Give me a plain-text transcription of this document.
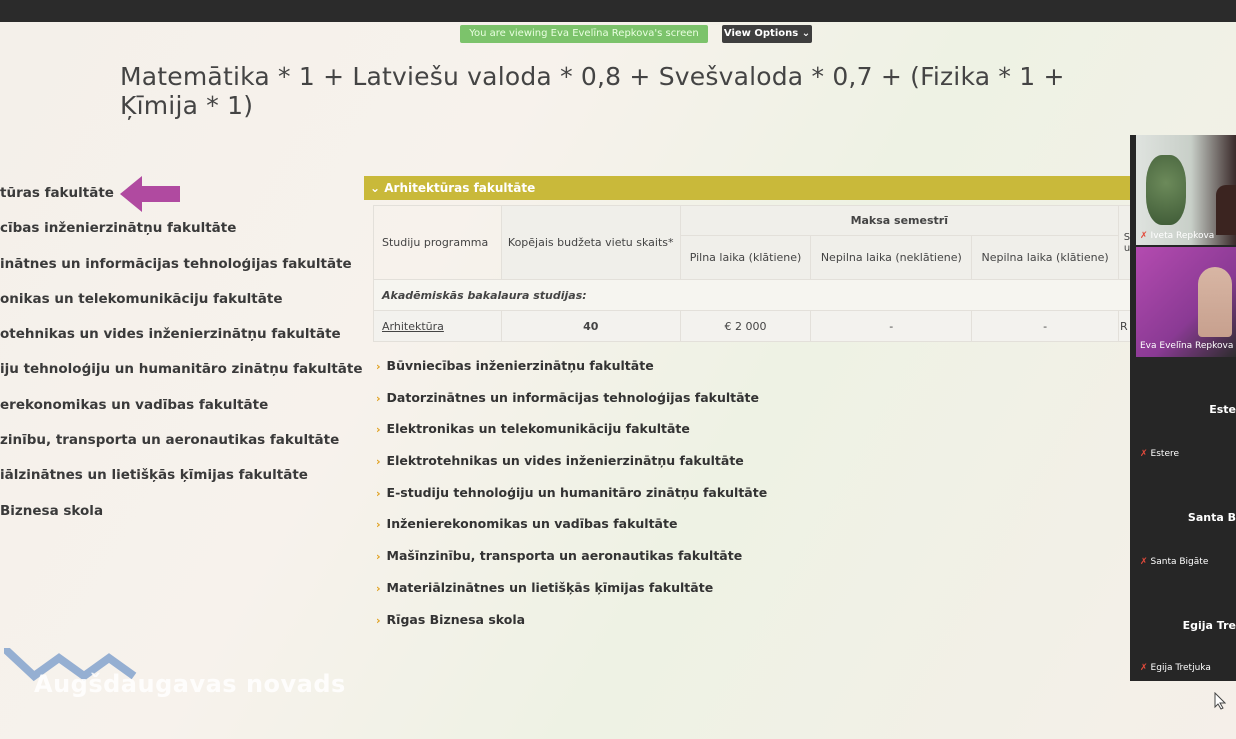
You are viewing Eva Evelīna Repkova's screen	View Options ⌄
Matemātika * 1 + Latviešu valoda * 0,8 + Svešvaloda * 0,7 + (Fizika * 1 + Ķīmija * 1)
tūras fakultāte
cības inženierzinātņu fakultāte
inātnes un informācijas tehnoloģijas fakultāte
onikas un telekomunikāciju fakultāte
otehnikas un vides inženierzinātņu fakultāte
iju tehnoloģiju un humanitāro zinātņu fakultāte
erekonomikas un vadības fakultāte
zinību, transporta un aeronautikas fakultāte
iālzinātnes un lietišķās ķīmijas fakultāte
Biznesa skola
⌄ Arhitektūras fakultāte
Studiju programma	Kopējais budžeta vietu skaits*	Maksa semestrī			S
u
		Pilna laika (klātiene)	Nepilna laika (neklātiene)	Nepilna laika (klātiene)	
Akadēmiskās bakalaura studijas:					
Arhitektūra	40	€ 2 000	-	-	R
› Būvniecības inženierzinātņu fakultāte
› Datorzinātnes un informācijas tehnoloģijas fakultāte
› Elektronikas un telekomunikāciju fakultāte
› Elektrotehnikas un vides inženierzinātņu fakultāte
› E-studiju tehnoloģiju un humanitāro zinātņu fakultāte
› Inženierekonomikas un vadības fakultāte
› Mašīnzinību, transporta un aeronautikas fakultāte
› Materiālzinātnes un lietišķās ķīmijas fakultāte
› Rīgas Biznesa skola
✗ Iveta Repkova
Eva Evelīna Repkova
Este
✗ Estere
Santa B
✗ Santa Bigāte
Egija Tre
✗ Egija Tretjuka
Augšdaugavas novads
